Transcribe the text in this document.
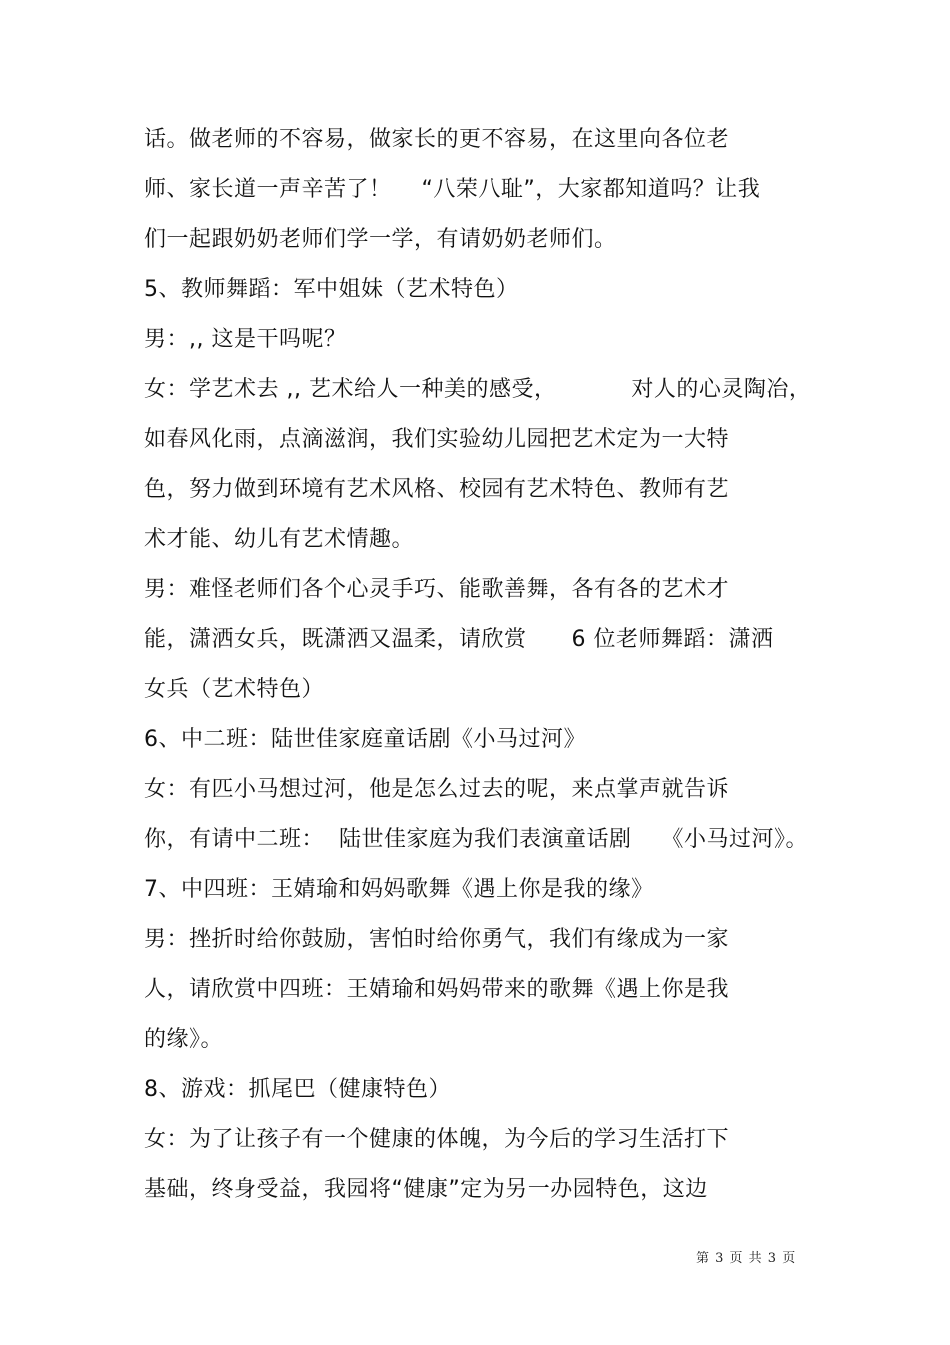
话。做老师的不容易，做家长的更不容易，在这里向各位老
师、家长道一声辛苦了！    “八荣八耻”，大家都知道吗？让我
们一起跟奶奶老师们学一学，有请奶奶老师们。
5、教师舞蹈：军中姐妹（艺术特色）
男：,, 这是干吗呢？
女：学艺术去 ,, 艺术给人一种美的感受，          对人的心灵陶冶，
如春风化雨，点滴滋润，我们实验幼儿园把艺术定为一大特
色，努力做到环境有艺术风格、校园有艺术特色、教师有艺
术才能、幼儿有艺术情趣。
男：难怪老师们各个心灵手巧、能歌善舞，各有各的艺术才
能，潇洒女兵，既潇洒又温柔，请欣赏      6 位老师舞蹈：潇洒
女兵（艺术特色）
6、中二班：陆世佳家庭童话剧《小马过河》
女：有匹小马想过河，他是怎么过去的呢，来点掌声就告诉
你，有请中二班：  陆世佳家庭为我们表演童话剧    《小马过河》。
7、中四班：王婧瑜和妈妈歌舞《遇上你是我的缘》
男：挫折时给你鼓励，害怕时给你勇气，我们有缘成为一家
人，请欣赏中四班：王婧瑜和妈妈带来的歌舞《遇上你是我
的缘》。
8、游戏：抓尾巴（健康特色）
女：为了让孩子有一个健康的体魄，为今后的学习生活打下
基础，终身受益，我园将“健康”定为另一办园特色，这边
第 3 页 共 3 页
